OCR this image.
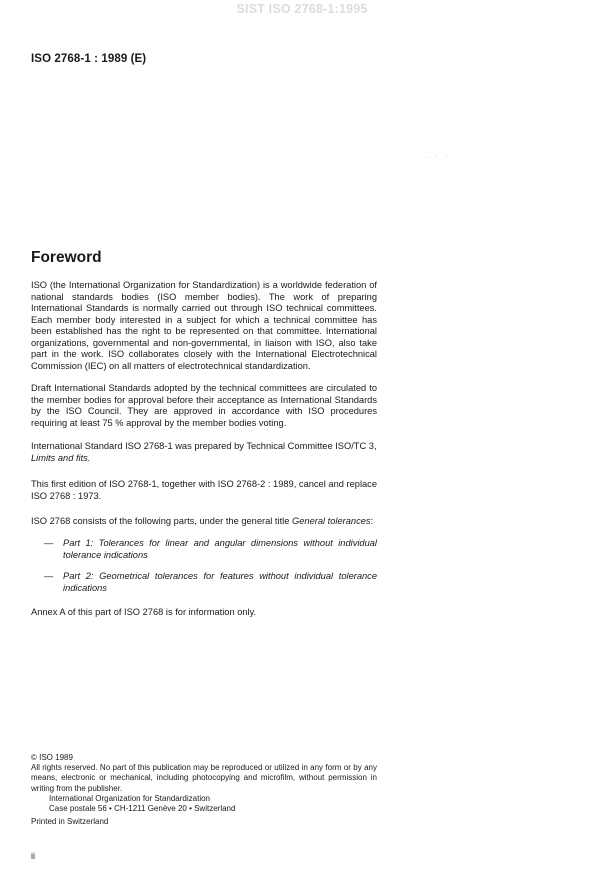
SIST ISO 2768-1:1995
ISO 2768-1 : 1989 (E)
. · ·
Foreword

ISO (the International Organization for Standardization) is a worldwide federation of national standards bodies (ISO member bodies). The work of preparing International Standards is normally carried out through ISO technical committees. Each member body interested in a subject for which a technical committee has been established has the right to be represented on that committee. International organizations, governmental and non-governmental, in liaison with ISO, also take part in the work. ISO collaborates closely with the International Electrotechnical Commission (IEC) on all matters of electrotechnical standardization.

Draft International Standards adopted by the technical committees are circulated to the member bodies for approval before their acceptance as International Standards by the ISO Council. They are approved in accordance with ISO procedures requiring at least 75 % approval by the member bodies voting.

International Standard ISO 2768-1 was prepared by Technical Committee ISO/TC 3,
Limits and fits.

This first edition of ISO 2768-1, together with ISO 2768-2 : 1989, cancel and replace ISO 2768 : 1973.

ISO 2768 consists of the following parts, under the general title General tolerances:

— Part 1: Tolerances for linear and angular dimensions without individual tolerance indications
— Part 2: Geometrical tolerances for features without individual tolerance indications

Annex A of this part of ISO 2768 is for information only.

© ISO 1989

All rights reserved. No part of this publication may be reproduced or utilized in any form or by any means, electronic or mechanical, including photocopying and microfilm, without permission in writing from the publisher.

International Organization for Standardization

Case postale 56 • CH-1211 Genève 20 • Switzerland

Printed in Switzerland

ii
